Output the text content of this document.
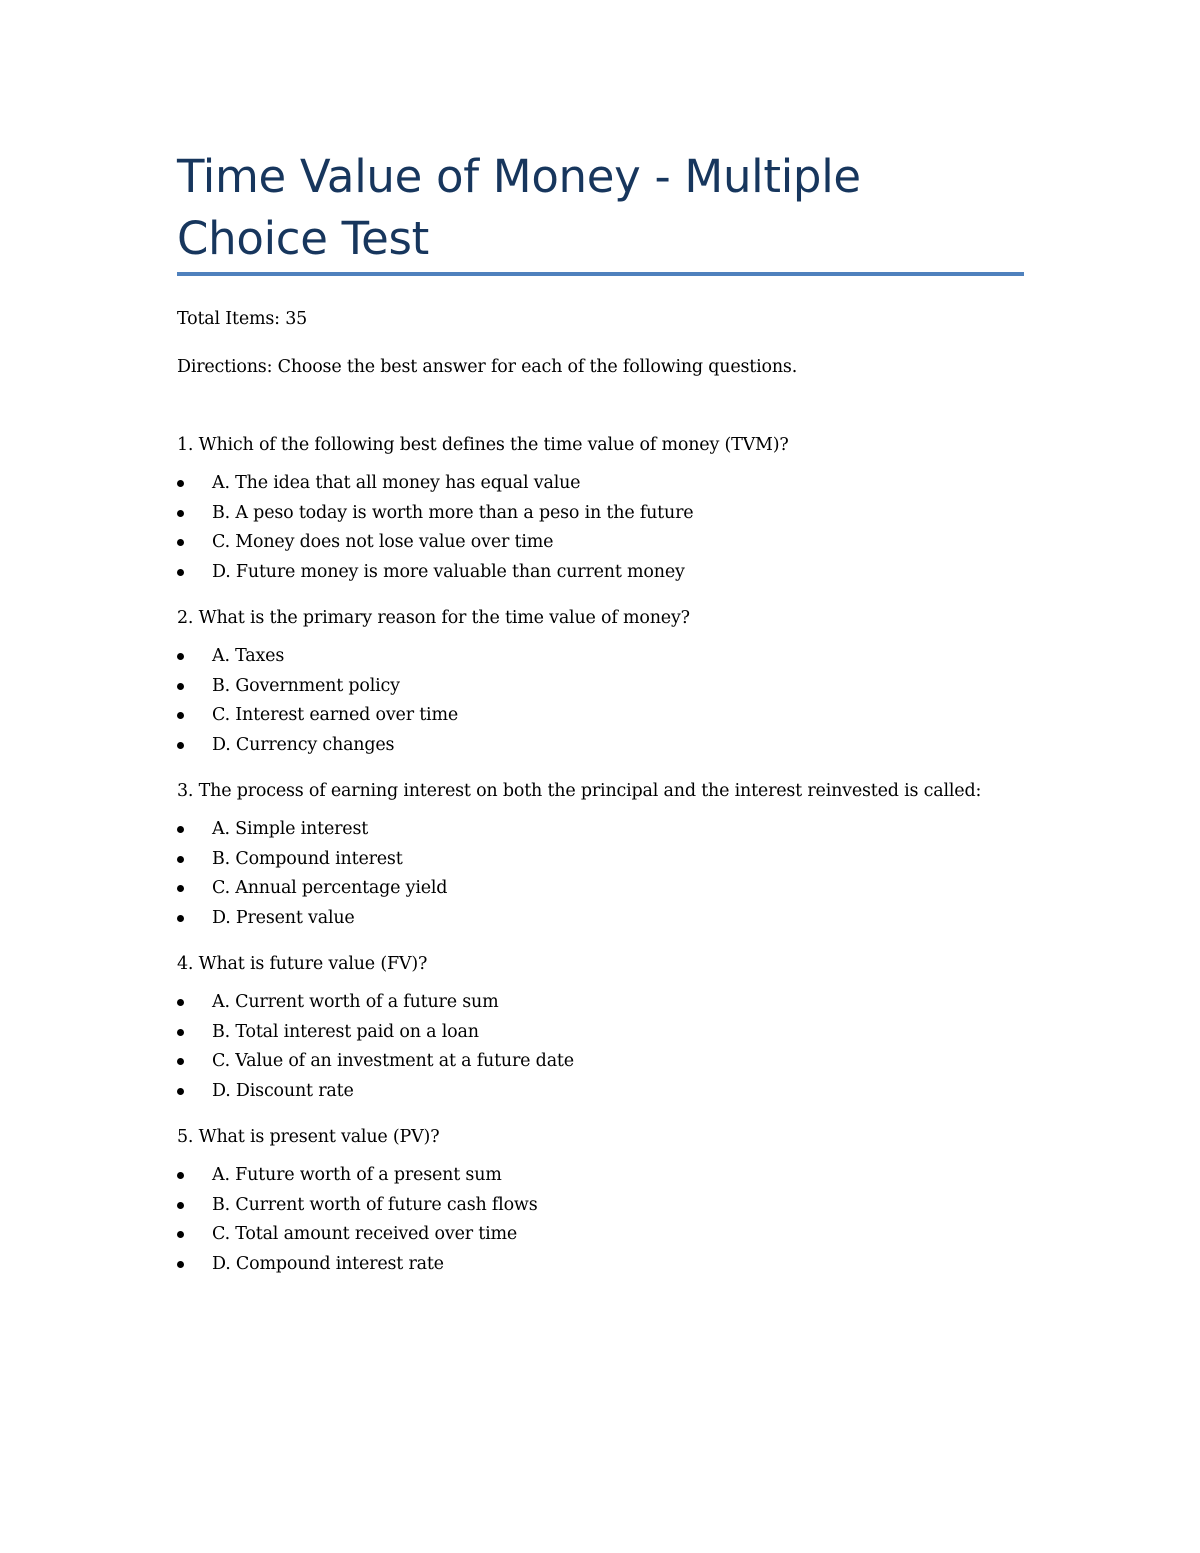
Time Value of Money - Multiple Choice Test

Total Items: 35

Directions: Choose the best answer for each of the following questions.

1. Which of the following best defines the time value of money (TVM)?

A. The idea that all money has equal value
B. A peso today is worth more than a peso in the future
C. Money does not lose value over time
D. Future money is more valuable than current money

2. What is the primary reason for the time value of money?

A. Taxes
B. Government policy
C. Interest earned over time
D. Currency changes

3. The process of earning interest on both the principal and the interest reinvested is called:

A. Simple interest
B. Compound interest
C. Annual percentage yield
D. Present value

4. What is future value (FV)?

A. Current worth of a future sum
B. Total interest paid on a loan
C. Value of an investment at a future date
D. Discount rate

5. What is present value (PV)?

A. Future worth of a present sum
B. Current worth of future cash flows
C. Total amount received over time
D. Compound interest rate
